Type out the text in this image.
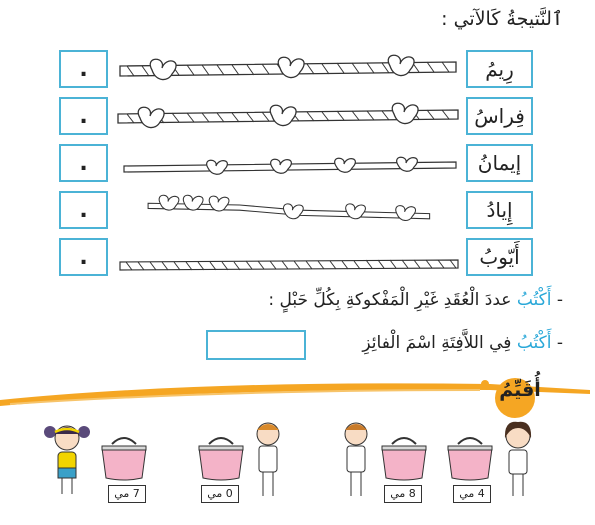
ٱلنَّتيجةُ كَالآتي :
رِيمُ
.
فِراسُ
.
إيمانُ
.
إِيادُ
.
أَيّوبُ
.
- أَكْتُبُ عددَ الْعُقَدِ غَيْرِ الْمَفْكوكةِ بِكُلِّ حَبْلٍ :
- أَكْتُبُ فِي اللاَّفِتَةِ اسْمَ الْفائِزِ
أُقَيِّمُ
7 مي	0 مي	8 مي	4 مي
